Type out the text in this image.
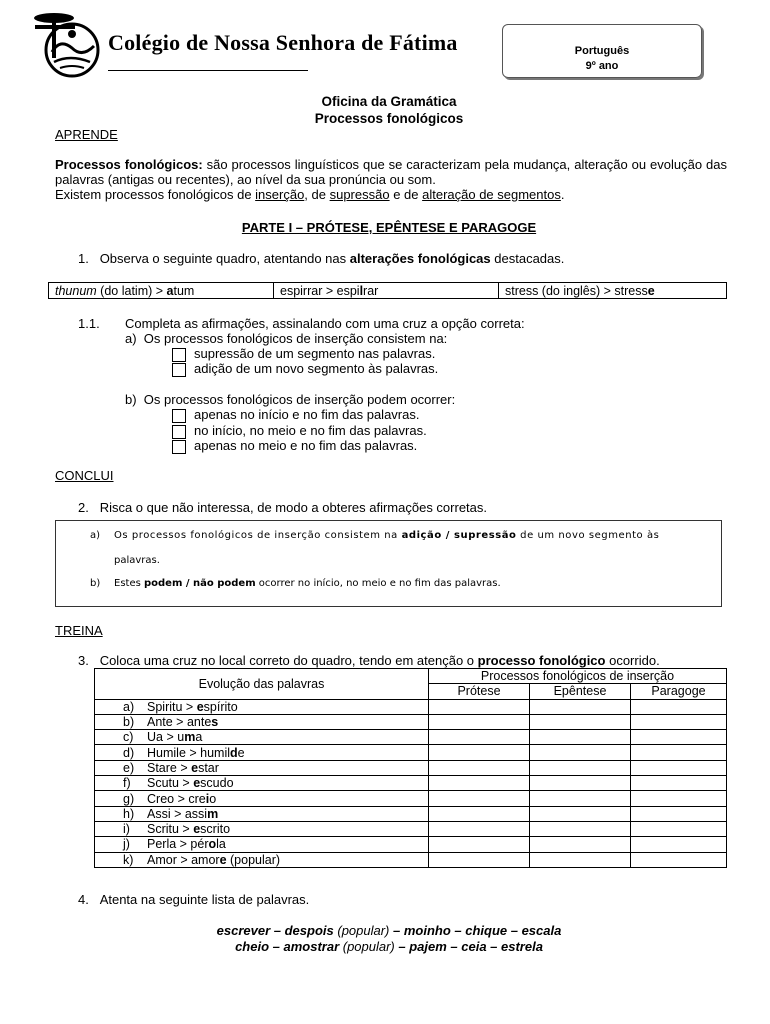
Colégio de Nossa Senhora de Fátima	Português
9º ano
Oficina da Gramática
Processos fonológicos
APRENDE
Processos fonológicos: são processos linguísticos que se caracterizam pela mudança, alteração ou evolução das palavras (antigas ou recentes), ao nível da sua pronúncia ou som.
Existem processos fonológicos de inserção, de supressão e de alteração de segmentos.
PARTE I – PRÓTESE, EPÊNTESE E PARAGOGE
1. Observa o seguinte quadro, atentando nas alterações fonológicas destacadas.
thunum (do latim) > atum	espirrar > espilrar	stress (do inglês) > stresse
1.1. Completa as afirmações, assinalando com uma cruz a opção correta:
a) Os processos fonológicos de inserção consistem na:
supressão de um segmento nas palavras.
adição de um novo segmento às palavras.
b) Os processos fonológicos de inserção podem ocorrer:
apenas no início e no fim das palavras.
no início, no meio e no fim das palavras.
apenas no meio e no fim das palavras.
CONCLUI
2. Risca o que não interessa, de modo a obteres afirmações corretas.
a) Os processos fonológicos de inserção consistem na adição / supressão de um novo segmento às
palavras.
b) Estes podem / não podem ocorrer no início, no meio e no fim das palavras.
TREINA
3. Coloca uma cruz no local correto do quadro, tendo em atenção o processo fonológico ocorrido.
Evolução das palavras	Processos fonológicos de inserção		
	Prótese	Epêntese	Paragoge
a) Spiritu > espírito			
b) Ante > antes			
c) Ua > uma			
d) Humile > humilde			
e) Stare > estar			
f) Scutu > escudo			
g) Creo > creio			
h) Assi > assim			
i) Scritu > escrito			
j) Perla > pérola			
k) Amor > amore (popular)			
4. Atenta na seguinte lista de palavras.
escrever – despois (popular) – moinho – chique – escala
cheio – amostrar (popular) – pajem – ceia – estrela
